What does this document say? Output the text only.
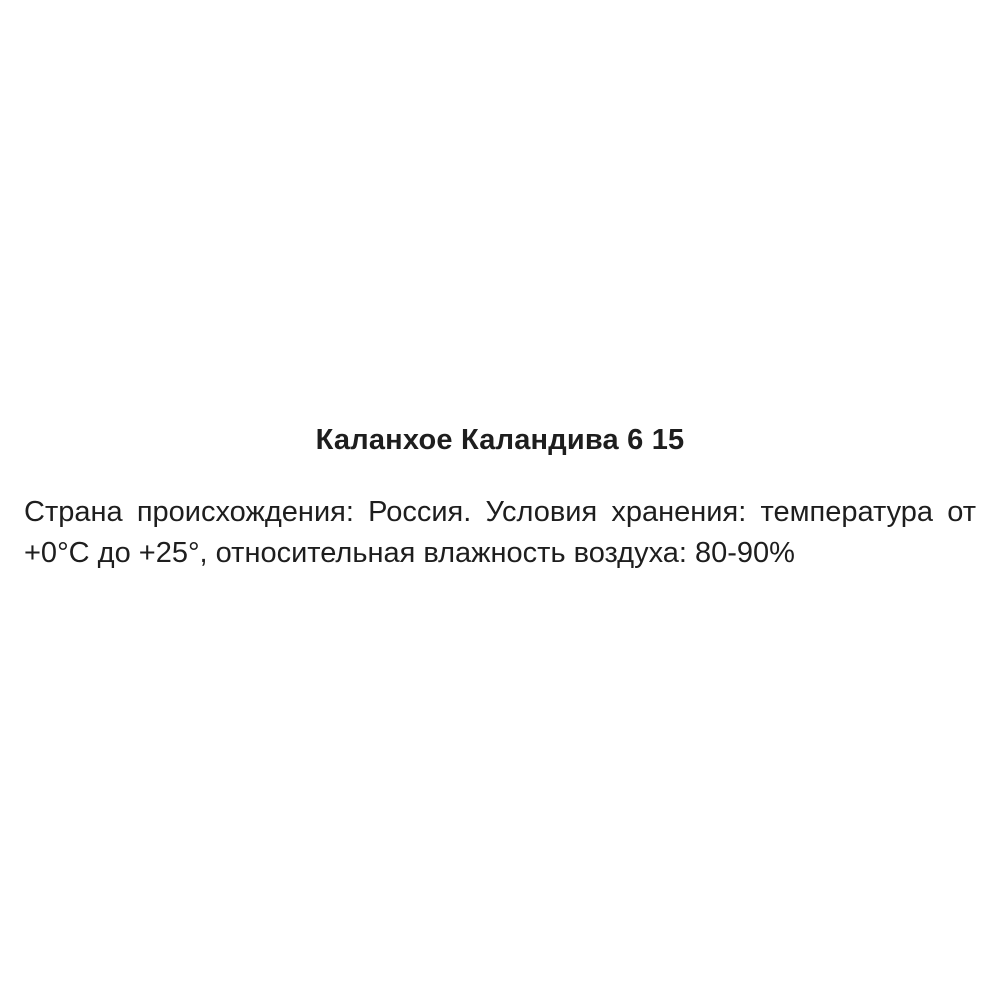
Каланхое Каландива 6 15
Страна происхождения: Россия. Условия хранения: температура от
+0°С до +25°, относительная влажность воздуха: 80-90%
